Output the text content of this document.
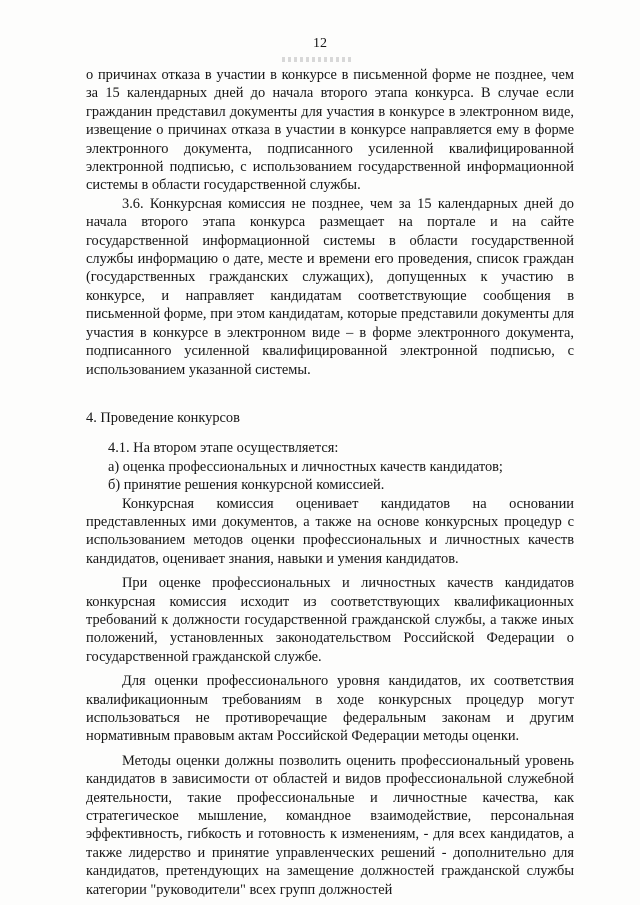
12

о причинах отказа в участии в конкурсе в письменной форме не позднее, чем за 15 календарных дней до начала второго этапа конкурса. В случае если гражданин представил документы для участия в конкурсе в электронном виде, извещение о причинах отказа в участии в конкурсе направляется ему в форме электронного документа, подписанного усиленной квалифицированной электронной подписью, с использованием государственной информационной системы в области государственной службы.

3.6. Конкурсная комиссия не позднее, чем за 15 календарных дней до начала второго этапа конкурса размещает на портале и на сайте государственной информационной системы в области государственной службы информацию о дате, месте и времени его проведения, список граждан (государственных гражданских служащих), допущенных к участию в конкурсе, и направляет кандидатам соответствующие сообщения в письменной форме, при этом кандидатам, которые представили документы для участия в конкурсе в электронном виде – в форме электронного документа, подписанного усиленной квалифицированной электронной подписью, с использованием указанной системы.

4. Проведение конкурсов

4.1. На втором этапе осуществляется:

а) оценка профессиональных и личностных качеств кандидатов;

б) принятие решения конкурсной комиссией.

Конкурсная комиссия оценивает кандидатов на основании представленных ими документов, а также на основе конкурсных процедур с использованием методов оценки профессиональных и личностных качеств кандидатов, оценивает знания, навыки и умения кандидатов.

При оценке профессиональных и личностных качеств кандидатов конкурсная комиссия исходит из соответствующих квалификационных требований к должности государственной гражданской службы, а также иных положений, установленных законодательством Российской Федерации о государственной гражданской службе.

Для оценки профессионального уровня кандидатов, их соответствия квалификационным требованиям в ходе конкурсных процедур могут использоваться не противоречащие федеральным законам и другим нормативным правовым актам Российской Федерации методы оценки.

Методы оценки должны позволить оценить профессиональный уровень кандидатов в зависимости от областей и видов профессиональной служебной деятельности, такие профессиональные и личностные качества, как стратегическое мышление, командное взаимодействие, персональная эффективность, гибкость и готовность к изменениям, - для всех кандидатов, а также лидерство и принятие управленческих решений - дополнительно для кандидатов, претендующих на замещение должностей гражданской службы категории "руководители" всех групп должностей
